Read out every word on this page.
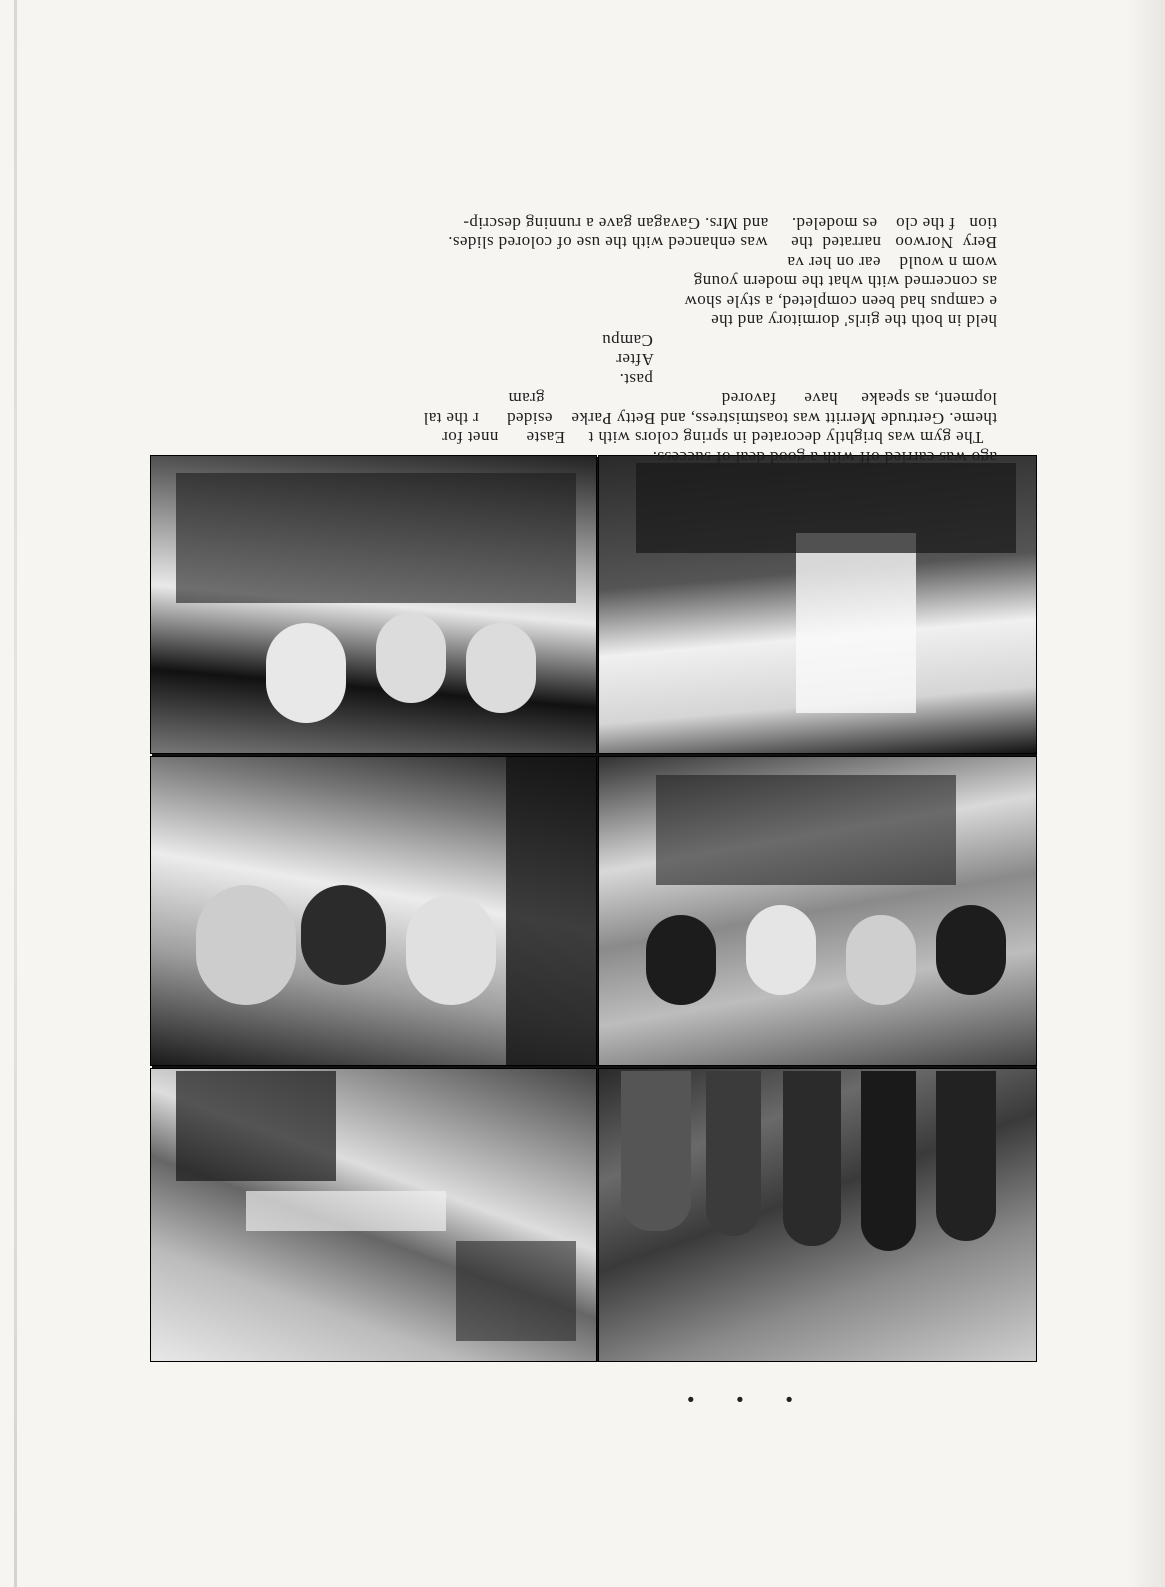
• • •

ago was carried off with a good deal of success.

The gym was brightly decorated in spring colors with t     Easte      nnet for

theme. Gertrude Merritt was toastmistress, and Betty Parke    esided      r the tal

lopment, as speake     have      favored                                      gram

past.

After

Campu

held in both the girls' dormitory and the

e campus had been completed, a style show

as concerned with what the modern young

wom n would    ear on her va

Bery  Norwoo   narrated  the     was enhanced with the use of colored slides.

tion   f the clo    es modeled.     and Mrs. Gavagan gave a running descrip-
